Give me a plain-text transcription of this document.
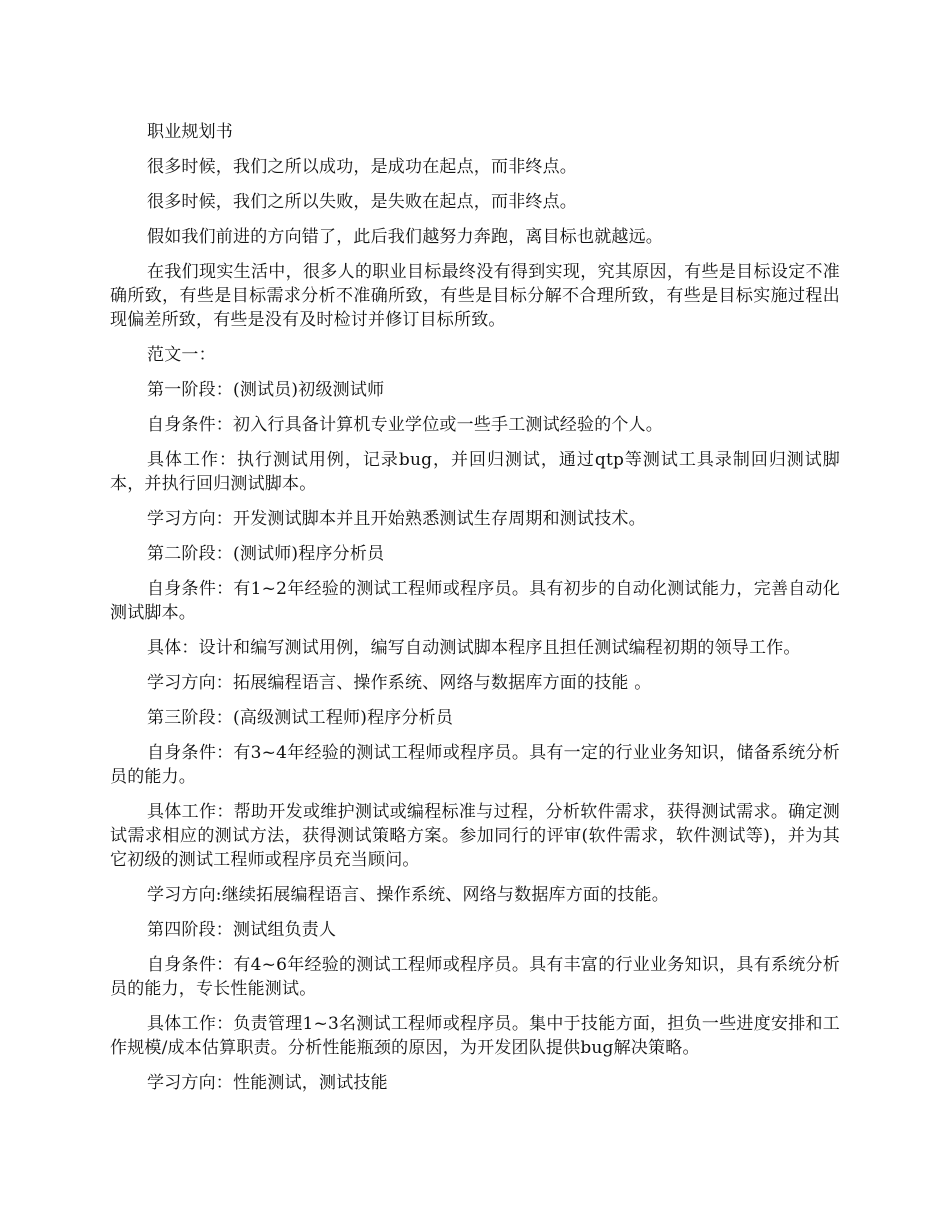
职业规划书

很多时候，我们之所以成功，是成功在起点，而非终点。

很多时候，我们之所以失败，是失败在起点，而非终点。

假如我们前进的方向错了，此后我们越努力奔跑，离目标也就越远。

在我们现实生活中，很多人的职业目标最终没有得到实现，究其原因，有些是目标设定不准确所致，有些是目标需求分析不准确所致，有些是目标分解不合理所致，有些是目标实施过程出现偏差所致，有些是没有及时检讨并修订目标所致。

范文一：

第一阶段：(测试员)初级测试师

自身条件：初入行具备计算机专业学位或一些手工测试经验的个人。

具体工作：执行测试用例，记录bug，并回归测试，通过qtp等测试工具录制回归测试脚本，并执行回归测试脚本。

学习方向：开发测试脚本并且开始熟悉测试生存周期和测试技术。

第二阶段：(测试师)程序分析员

自身条件：有1~2年经验的测试工程师或程序员。具有初步的自动化测试能力，完善自动化测试脚本。

具体：设计和编写测试用例，编写自动测试脚本程序且担任测试编程初期的领导工作。

学习方向：拓展编程语言、操作系统、网络与数据库方面的技能 。

第三阶段：(高级测试工程师)程序分析员

自身条件：有3~4年经验的测试工程师或程序员。具有一定的行业业务知识，储备系统分析员的能力。

具体工作：帮助开发或维护测试或编程标准与过程，分析软件需求，获得测试需求。确定测试需求相应的测试方法，获得测试策略方案。参加同行的评审(软件需求，软件测试等)，并为其它初级的测试工程师或程序员充当顾问。

学习方向:继续拓展编程语言、操作系统、网络与数据库方面的技能。

第四阶段：测试组负责人

自身条件：有4~6年经验的测试工程师或程序员。具有丰富的行业业务知识，具有系统分析员的能力，专长性能测试。

具体工作：负责管理1~3名测试工程师或程序员。集中于技能方面，担负一些进度安排和工作规模/成本估算职责。分析性能瓶颈的原因，为开发团队提供bug解决策略。

学习方向：性能测试，测试技能
